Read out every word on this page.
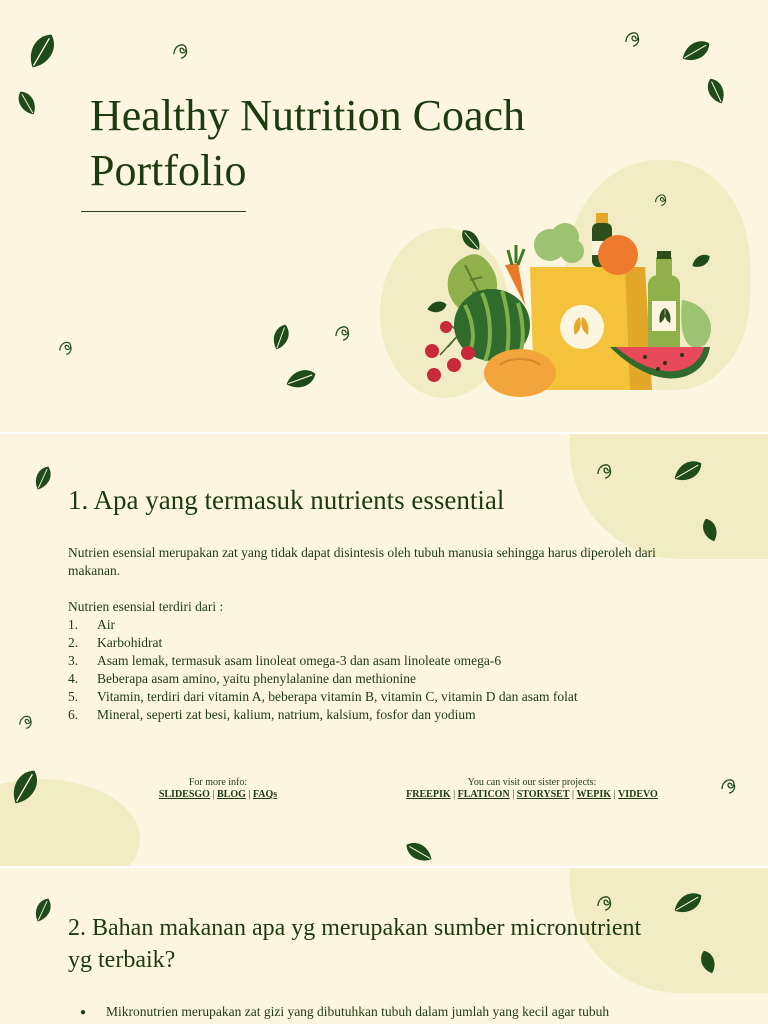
Healthy Nutrition Coach
Portfolio
1. Apa yang termasuk nutrients essential

Nutrien esensial merupakan zat yang tidak dapat disintesis oleh tubuh manusia sehingga harus diperoleh dari makanan.

Nutrien esensial terdiri dari :

1.	Air
2.	Karbohidrat
3.	Asam lemak, termasuk asam linoleat omega-3 dan asam linoleate omega-6
4.	Beberapa asam amino, yaitu phenylalanine dan methionine
5.	Vitamin, terdiri dari vitamin A, beberapa vitamin B, vitamin C, vitamin D dan asam folat
6.	Mineral, seperti zat besi, kalium, natrium, kalsium, fosfor dan yodium
For more info:
SLIDESGO | BLOG | FAQs
You can visit our sister projects:
FREEPIK | FLATICON | STORYSET | WEPIK | VIDEVO
2. Bahan makanan apa yg merupakan sumber micronutrient
yg terbaik?
●	Mikronutrien merupakan zat gizi yang dibutuhkan tubuh dalam jumlah yang kecil agar tubuh
